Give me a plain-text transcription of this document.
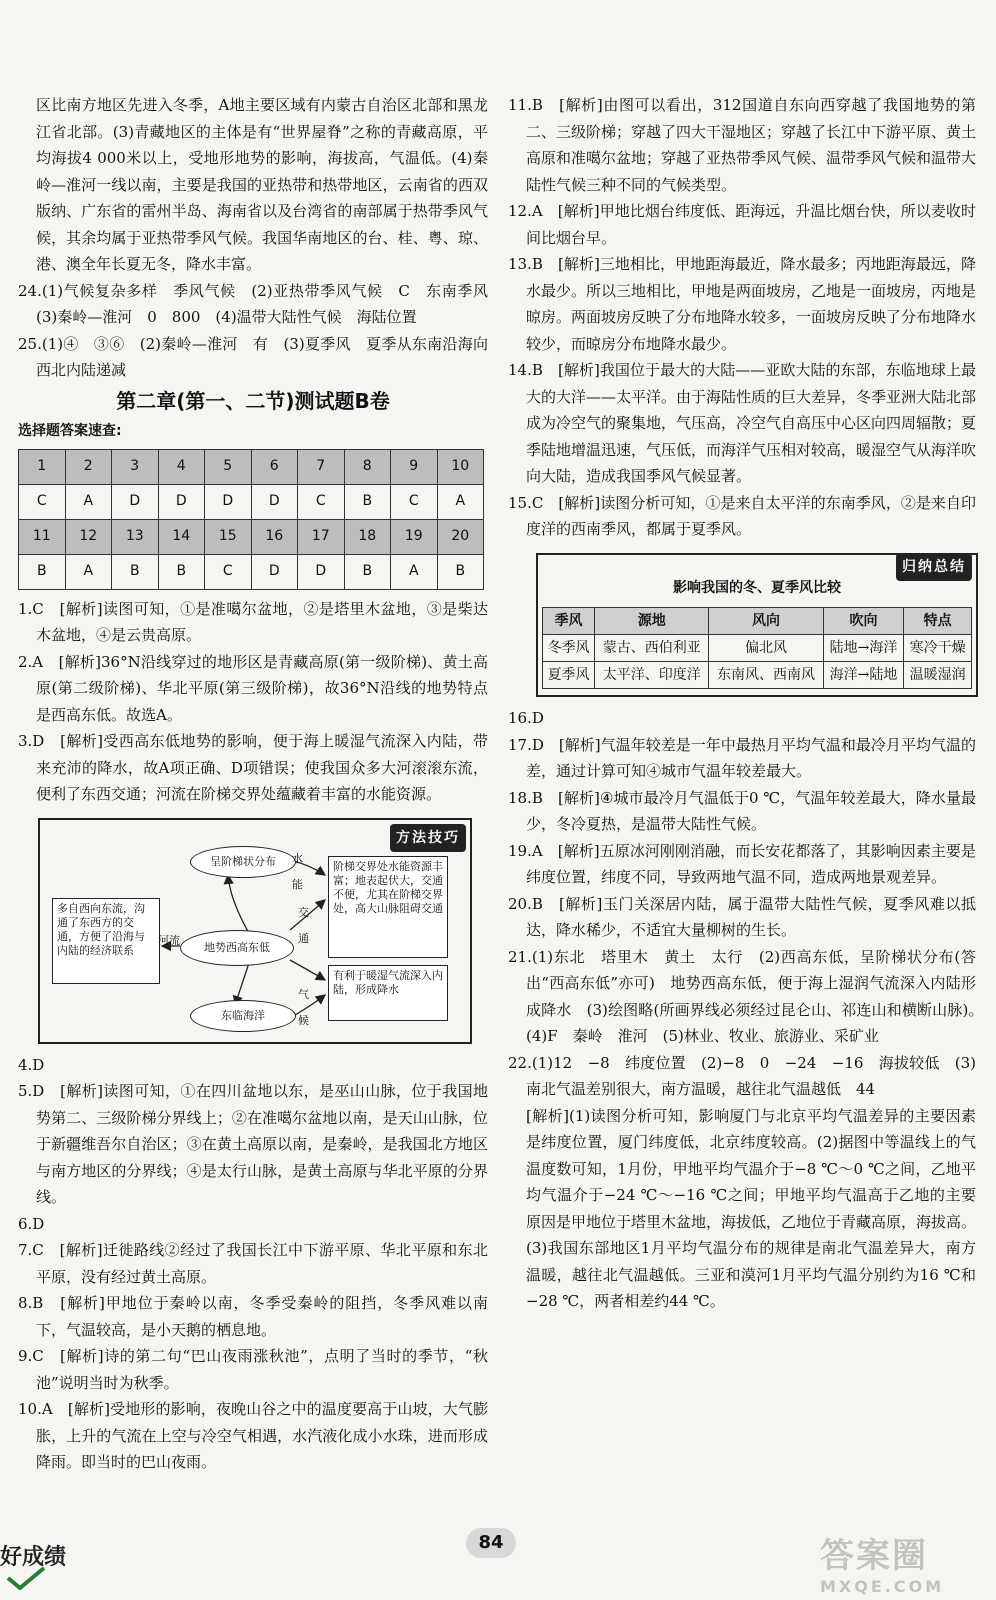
区比南方地区先进入冬季，A地主要区域有内蒙古自治区北部和黑龙江省北部。(3)青藏地区的主体是有“世界屋脊”之称的青藏高原，平均海拔4 000米以上，受地形地势的影响，海拔高，气温低。(4)秦岭—淮河一线以南，主要是我国的亚热带和热带地区，云南省的西双版纳、广东省的雷州半岛、海南省以及台湾省的南部属于热带季风气候，其余均属于亚热带季风气候。我国华南地区的台、桂、粤、琼、港、澳全年长夏无冬，降水丰富。

24.(1)气候复杂多样　季风气候　(2)亚热带季风气候　C　东南季风　(3)秦岭—淮河　0　800　(4)温带大陆性气候　海陆位置

25.(1)④　③⑥　(2)秦岭—淮河　有　(3)夏季风　夏季从东南沿海向西北内陆递减

第二章(第一、二节)测试题B卷
选择题答案速查:
1	2	3	4	5	6	7	8	9	10
C	A	D	D	D	D	C	B	C	A
11	12	13	14	15	16	17	18	19	20
B	A	B	B	C	D	D	B	A	B

1.C　[解析]读图可知，①是准噶尔盆地，②是塔里木盆地，③是柴达木盆地，④是云贵高原。

2.A　[解析]36°N沿线穿过的地形区是青藏高原(第一级阶梯)、黄土高原(第二级阶梯)、华北平原(第三级阶梯)，故36°N沿线的地势特点是西高东低。故选A。

3.D　[解析]受西高东低地势的影响，便于海上暖湿气流深入内陆，带来充沛的降水，故A项正确、D项错误；使我国众多大河滚滚东流，便利了东西交通；河流在阶梯交界处蕴藏着丰富的水能资源。

方法技巧
呈阶梯状分布
地势西高东低
东临海洋
多自西向东流，沟通了东西方的交通，方便了沿海与内陆的经济联系
阶梯交界处水能资源丰富；地表起伏大，交通不便，尤其在阶梯交界处，高大山脉阻碍交通
有利于暖湿气流深入内陆，形成降水
河流
水能
交通
气候

4.D

5.D　[解析]读图可知，①在四川盆地以东，是巫山山脉，位于我国地势第二、三级阶梯分界线上；②在准噶尔盆地以南，是天山山脉，位于新疆维吾尔自治区；③在黄土高原以南，是秦岭，是我国北方地区与南方地区的分界线；④是太行山脉，是黄土高原与华北平原的分界线。

6.D

7.C　[解析]迁徙路线②经过了我国长江中下游平原、华北平原和东北平原，没有经过黄土高原。

8.B　[解析]甲地位于秦岭以南，冬季受秦岭的阻挡，冬季风难以南下，气温较高，是小天鹅的栖息地。

9.C　[解析]诗的第二句“巴山夜雨涨秋池”，点明了当时的季节，“秋池”说明当时为秋季。

10.A　[解析]受地形的影响，夜晚山谷之中的温度要高于山坡，大气膨胀，上升的气流在上空与冷空气相遇，水汽液化成小水珠，进而形成降雨。即当时的巴山夜雨。

11.B　[解析]由图可以看出，312国道自东向西穿越了我国地势的第二、三级阶梯；穿越了四大干湿地区；穿越了长江中下游平原、黄土高原和准噶尔盆地；穿越了亚热带季风气候、温带季风气候和温带大陆性气候三种不同的气候类型。

12.A　[解析]甲地比烟台纬度低、距海远，升温比烟台快，所以麦收时间比烟台早。

13.B　[解析]三地相比，甲地距海最近，降水最多；丙地距海最远，降水最少。所以三地相比，甲地是两面坡房，乙地是一面坡房，丙地是晾房。两面坡房反映了分布地降水较多，一面坡房反映了分布地降水较少，而晾房分布地降水最少。

14.B　[解析]我国位于最大的大陆——亚欧大陆的东部，东临地球上最大的大洋——太平洋。由于海陆性质的巨大差异，冬季亚洲大陆北部成为冷空气的聚集地，气压高，冷空气自高压中心区向四周辐散；夏季陆地增温迅速，气压低，而海洋气压相对较高，暖湿空气从海洋吹向大陆，造成我国季风气候显著。

15.C　[解析]读图分析可知，①是来自太平洋的东南季风，②是来自印度洋的西南季风，都属于夏季风。

归纳总结
影响我国的冬、夏季风比较
季风	源地	风向	吹向	特点
冬季风	蒙古、西伯利亚	偏北风	陆地→海洋	寒冷干燥
夏季风	太平洋、印度洋	东南风、西南风	海洋→陆地	温暖湿润

16.D

17.D　[解析]气温年较差是一年中最热月平均气温和最冷月平均气温的差，通过计算可知④城市气温年较差最大。

18.B　[解析]④城市最冷月气温低于0 ℃，气温年较差最大，降水量最少，冬冷夏热，是温带大陆性气候。

19.A　[解析]五原冰河刚刚消融，而长安花都落了，其影响因素主要是纬度位置，纬度不同，导致两地气温不同，造成两地景观差异。

20.B　[解析]玉门关深居内陆，属于温带大陆性气候，夏季风难以抵达，降水稀少，不适宜大量柳树的生长。

21.(1)东北　塔里木　黄土　太行　(2)西高东低，呈阶梯状分布(答出“西高东低”亦可)　地势西高东低，便于海上湿润气流深入内陆形成降水　(3)绘图略(所画界线必须经过昆仑山、祁连山和横断山脉)。　(4)F　秦岭　淮河　(5)林业、牧业、旅游业、采矿业

22.(1)12　−8　纬度位置　(2)−8　0　−24　−16　海拔较低　(3)南北气温差别很大，南方温暖，越往北气温越低　44

[解析](1)读图分析可知，影响厦门与北京平均气温差异的主要因素是纬度位置，厦门纬度低，北京纬度较高。(2)据图中等温线上的气温度数可知，1月份，甲地平均气温介于−8 ℃～0 ℃之间，乙地平均气温介于−24 ℃～−16 ℃之间；甲地平均气温高于乙地的主要原因是甲地位于塔里木盆地，海拔低，乙地位于青藏高原，海拔高。(3)我国东部地区1月平均气温分布的规律是南北气温差异大，南方温暖，越往北气温越低。三亚和漠河1月平均气温分别约为16 ℃和−28 ℃，两者相差约44 ℃。

好成绩
84	答案圈
MXQE.COM
